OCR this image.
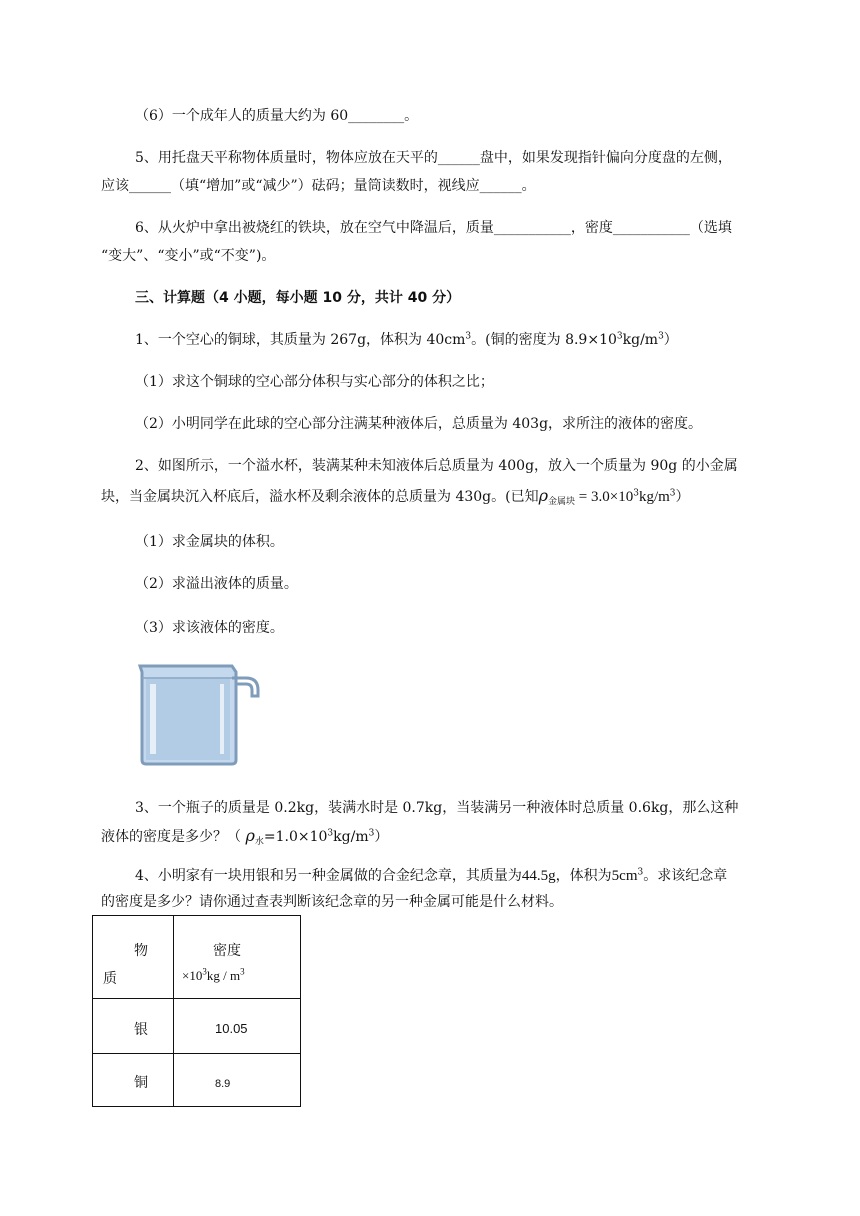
（6）一个成年人的质量大约为 60________。
5、用托盘天平称物体质量时，物体应放在天平的______盘中，如果发现指针偏向分度盘的左侧，
应该______（填“增加”或“减少”）砝码；量筒读数时，视线应______。
6、从火炉中拿出被烧红的铁块，放在空气中降温后，质量___________，密度___________（选填
“变大”、“变小”或“不变”)。
三、计算题（4 小题，每小题 10 分，共计 40 分）
1、一个空心的铜球，其质量为 267g，体积为 $40cm^3$。(铜的密度为 $8.9\times 10^3kg/m^3$）
（1）求这个铜球的空心部分体积与实心部分的体积之比；
（2）小明同学在此球的空心部分注满某种液体后，总质量为 403g，求所注的液体的密度。
2、如图所示，一个溢水杯，装满某种未知液体后总质量为 400g，放入一个质量为 90g 的小金属
块，当金属块沉入杯底后，溢水杯及剩余液体的总质量为 430g。(已知$\rho_{金属块} = 3.0\times 10^3kg/m^3$）
（1）求金属块的体积。
（2）求溢出液体的质量。
（3）求该液体的密度。
3、一个瓶子的质量是 0.2kg，装满水时是 0.7kg，当装满另一种液体时总质量 0.6kg，那么这种
液体的密度是多少？（ $\rho_水=1.0\times 10^3kg/m^3$）
4、小明家有一块用银和另一种金属做的合金纪念章，其质量为44.5g，体积为$5cm^3$。求该纪念章
的密度是多少？请你通过查表判断该纪念章的另一种金属可能是什么材料。
物
质
密度
$\times 10^3kg / m^3$
银	10.05
铜	8.9
